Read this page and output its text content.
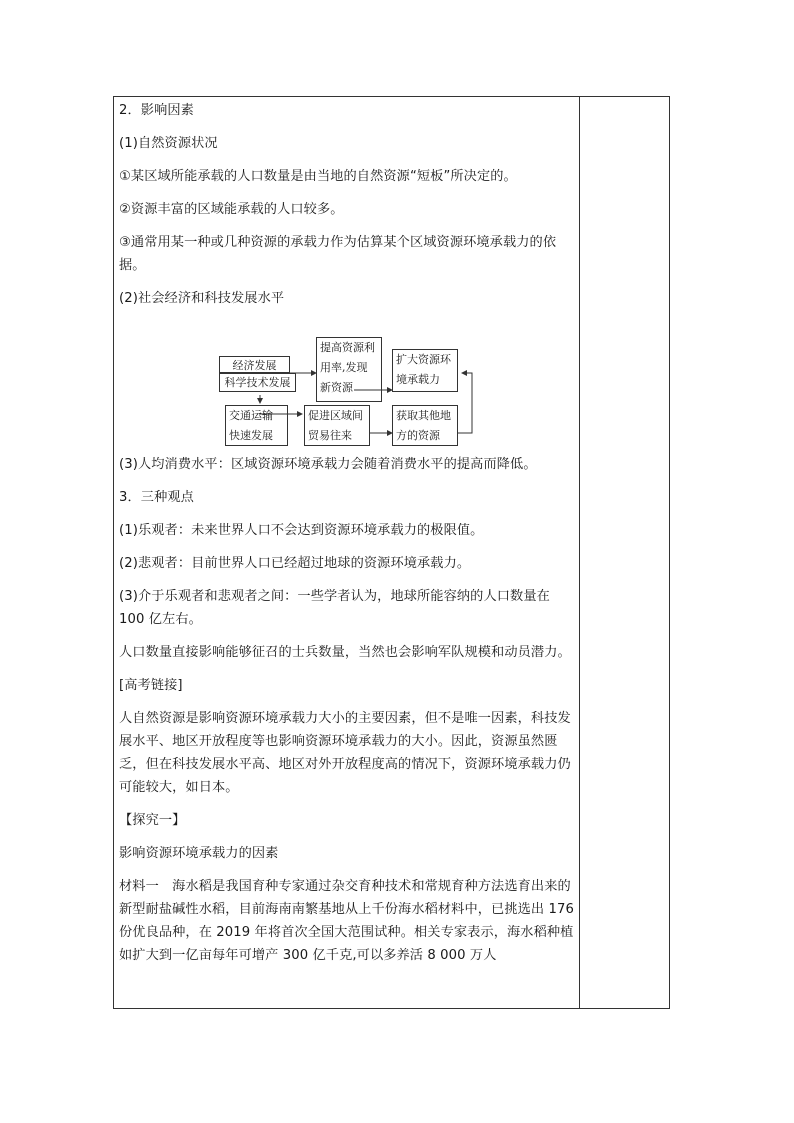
2．影响因素

(1)自然资源状况

①某区域所能承载的人口数量是由当地的自然资源“短板”所决定的。

②资源丰富的区域能承载的人口较多。

③通常用某一种或几种资源的承载力作为估算某个区域资源环境承载力的依据。

(2)社会经济和科技发展水平

经济发展
科学技术发展
提高资源利
用率,发现
新资源
扩大资源环
境承载力
交通运输
快速发展
促进区域间
贸易往来
获取其他地
方的资源

(3)人均消费水平：区域资源环境承载力会随着消费水平的提高而降低。

3．三种观点

(1)乐观者：未来世界人口不会达到资源环境承载力的极限值。

(2)悲观者：目前世界人口已经超过地球的资源环境承载力。

(3)介于乐观者和悲观者之间：一些学者认为，地球所能容纳的人口数量在100 亿左右。

人口数量直接影响能够征召的士兵数量，当然也会影响军队规模和动员潜力。

[高考链接]

人自然资源是影响资源环境承载力大小的主要因素，但不是唯一因素，科技发展水平、地区开放程度等也影响资源环境承载力的大小。因此，资源虽然匮乏，但在科技发展水平高、地区对外开放程度高的情况下，资源环境承载力仍可能较大，如日本。

【探究一】

影响资源环境承载力的因素

材料一　海水稻是我国育种专家通过杂交育种技术和常规育种方法选育出来的新型耐盐碱性水稻，目前海南南繁基地从上千份海水稻材料中，已挑选出 176 份优良品种，在 2019 年将首次全国大范围试种。相关专家表示，海水稻种植如扩大到一亿亩每年可增产 300 亿千克,可以多养活 8 000 万人
